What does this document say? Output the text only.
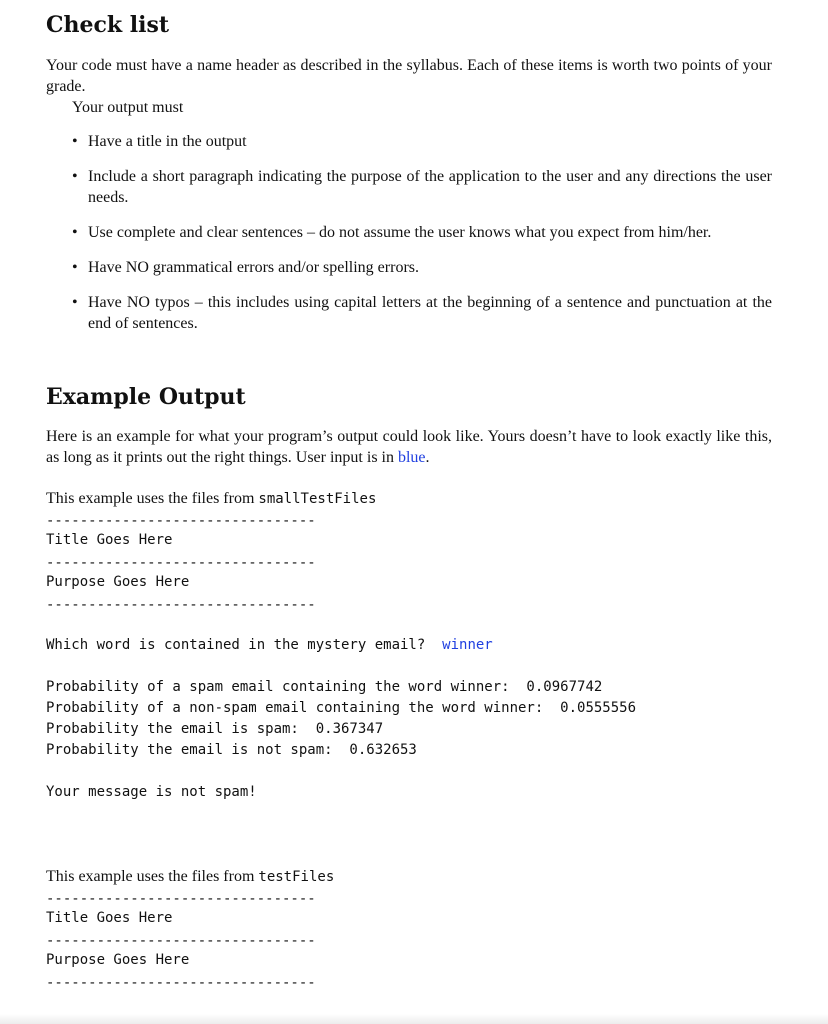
Check list

Your code must have a name header as described in the syllabus. Each of these items is worth two points of your grade.

Your output must

• Have a title in the output
• Include a short paragraph indicating the purpose of the application to the user and any directions the user needs.
• Use complete and clear sentences – do not assume the user knows what you expect from him/her.
• Have NO grammatical errors and/or spelling errors.
• Have NO typos – this includes using capital letters at the beginning of a sentence and punctuation at the end of sentences.
Example Output

Here is an example for what your program’s output could look like. Yours doesn’t have to look exactly like this, as long as it prints out the right things. User input is in blue.

This example uses the files from smallTestFiles

--------------------------------
Title Goes Here
--------------------------------
Purpose Goes Here
--------------------------------
Which word is contained in the mystery email? winner
Probability of a spam email containing the word winner:  0.0967742
Probability of a non-spam email containing the word winner:  0.0555556
Probability the email is spam:  0.367347
Probability the email is not spam:  0.632653
Your message is not spam!

This example uses the files from testFiles

--------------------------------
Title Goes Here
--------------------------------
Purpose Goes Here
--------------------------------
